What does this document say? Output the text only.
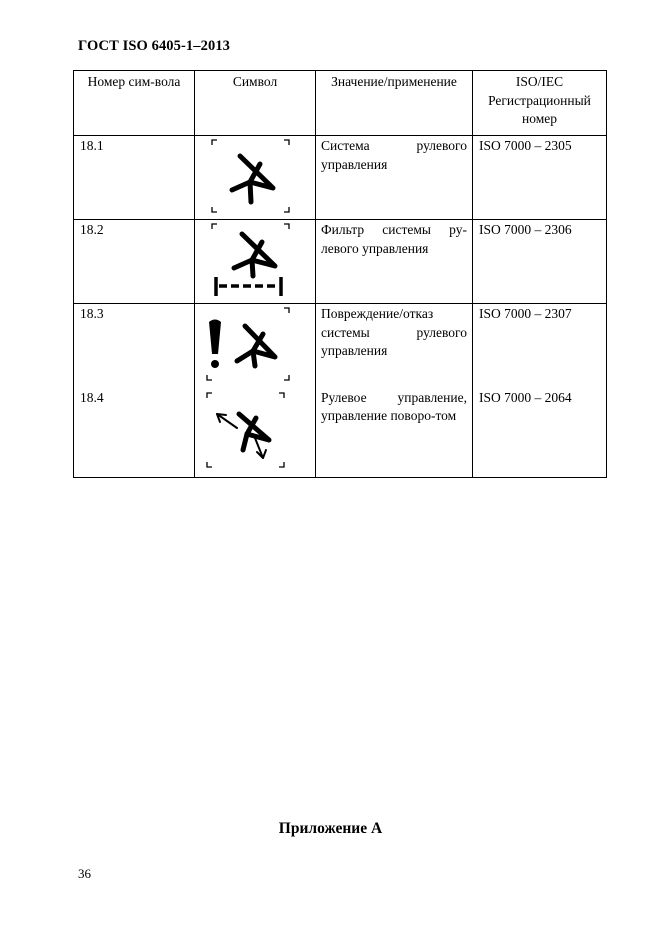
ГОСТ ISO 6405-1–2013
Номер сим-вола	Символ	Значение/применение	ISO/IEC Регистрационный номер
18.1		Система рулевого управления	ISO 7000 – 2305
18.2		Фильтр системы ру-левого управления	ISO 7000 – 2306
18.3		Повреждение/отказ системы рулевого управления	ISO 7000 – 2307
18.4		Рулевое управление, управление поворо-том	ISO 7000 – 2064
Приложение А
36
